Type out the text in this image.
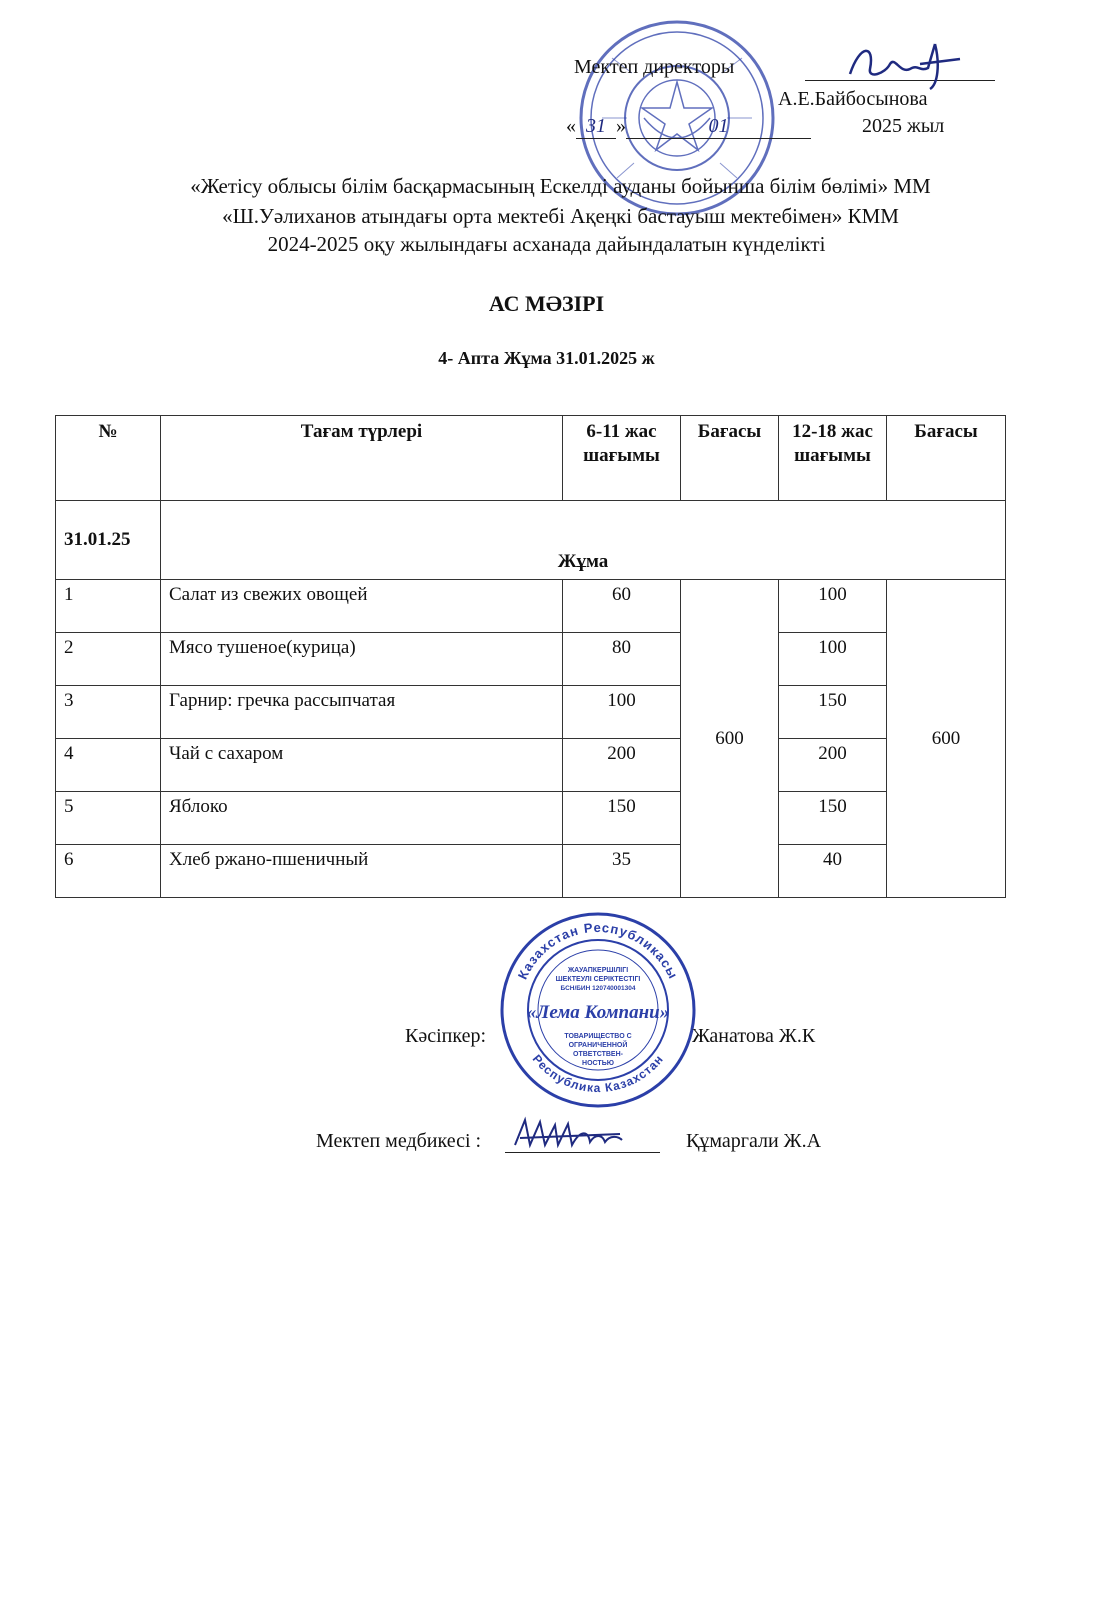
Мектеп директоры
А.Е.Байбосынова
« 31 »	01	2025 жыл
«Жетісу облысы білім басқармасының Ескелді ауданы бойынша білім бөлімі» ММ
«Ш.Уәлиханов атындағы орта мектебі Ақеңкі бастауыш мектебімен» КММ
2024-2025 оқу жылындағы асханада дайындалатын күнделікті
АС МӘЗІРІ
4- Апта Жұма 31.01.2025 ж
№	Тағам түрлері	6-11 жас шағымы	Бағасы	12-18 жас шағымы	Бағасы
31.01.25	Жұма				
1	Салат из свежих овощей	60	600	100	600
2	Мясо тушеное(курица)	80		100	
3	Гарнир: гречка рассыпчатая	100		150	
4	Чай с сахаром	200		200	
5	Яблоко	150		150	
6	Хлеб ржано-пшеничный	35		40	
Казахстан Республикасы
Республика Казахстан
ЖАУАПКЕРШІЛІГІ
ШЕКТЕУЛІ СЕРІКТЕСТІГІ
БСН/БИН 120740001304
«Лема Компани»
ТОВАРИЩЕСТВО С
ОГРАНИЧЕННОЙ
ОТВЕТСТВЕН-
НОСТЬЮ
Кәсіпкер:	Жанатова Ж.К
Мектеп медбикесі :	Құмаргали Ж.А
